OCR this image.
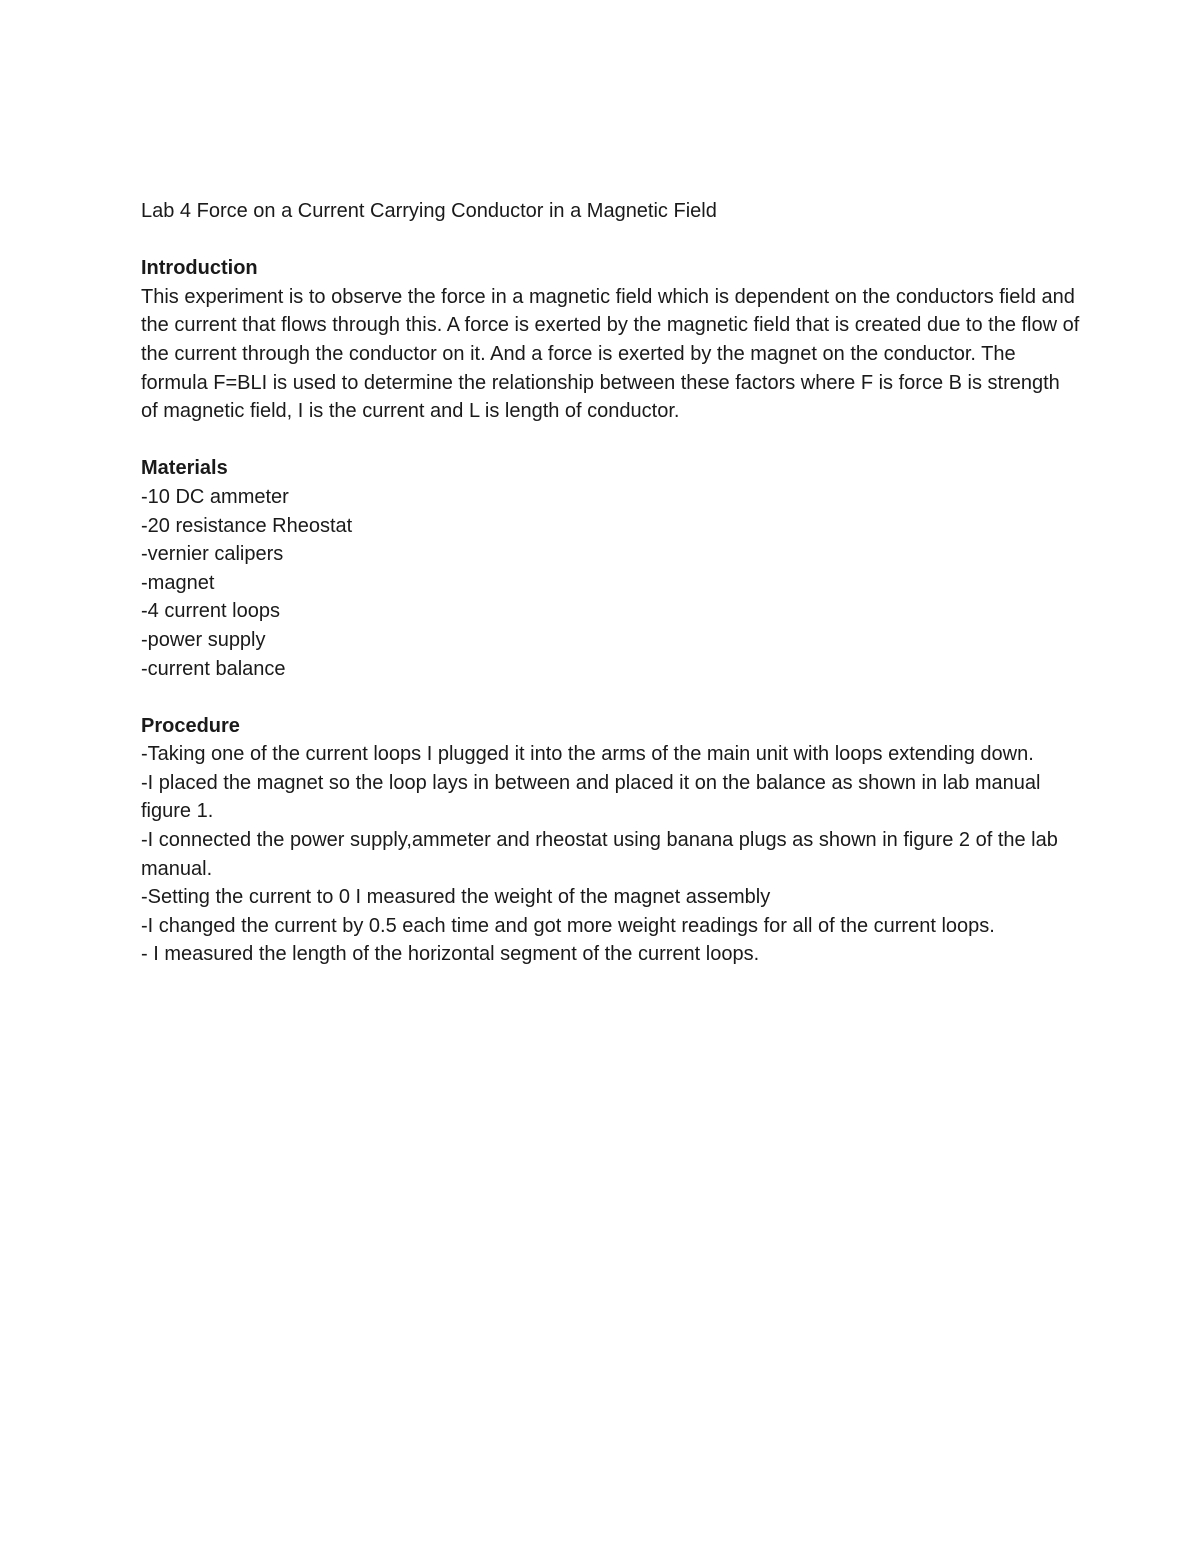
Lab 4 Force on a Current Carrying Conductor in a Magnetic Field

Introduction

This experiment is to observe the force in a magnetic field which is dependent on the conductors field and the current that flows through this. A force is exerted by the magnetic field that is created due to the flow of the current through the conductor on it. And a force is exerted by the magnet on the conductor. The formula F=BLI is used to determine the relationship between these factors where F is force B is strength of magnetic field, I is the current and L is length of conductor.

Materials

-10 DC ammeter
-20 resistance Rheostat
-vernier calipers
-magnet
-4 current loops
-power supply
-current balance

Procedure

-Taking one of the current loops I plugged it into the arms of the main unit with loops extending down.
-I placed the magnet so the loop lays in between and placed it on the balance as shown in lab manual figure 1.
-I connected the power supply,ammeter and rheostat using banana plugs as shown in figure 2 of the lab manual.
-Setting the current to 0 I measured the weight of the magnet assembly
-I changed the current by 0.5 each time and got more weight readings for all of the current loops.
- I measured the length of the horizontal segment of the current loops.
